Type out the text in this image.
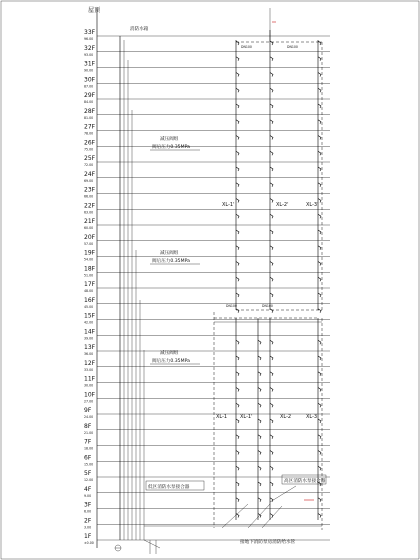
屋顶
消防水箱
33F
96.00
32F
93.00
31F
90.00
30F
87.00
29F
84.00
28F
81.00
27F
78.00
26F
75.00
25F
72.00
24F
69.00
23F
66.00
22F
63.00
21F
60.00
20F
57.00
19F
54.00
18F
51.00
17F
48.00
16F
45.00
15F
42.00
14F
39.00
13F
36.00
12F
33.00
11F
30.00
10F
27.00
9F
24.00
8F
21.00
7F
18.00
6F
15.00
5F
12.00
4F
9.00
3F
6.00
2F
3.00
1F
±0.00
XL-1'	XL-2'	XL-3'
XL-1	XL-1'	XL-2	XL-3
减压阀组
阀后压力0.35MPa
减压阀组
阀后压力0.35MPa
减压阀组
阀后压力0.35MPa
DN100	DN100
DN100	DN100
低区消防水泵接合器
高区消防水泵接合器
接地下消防泵房消防给水管
